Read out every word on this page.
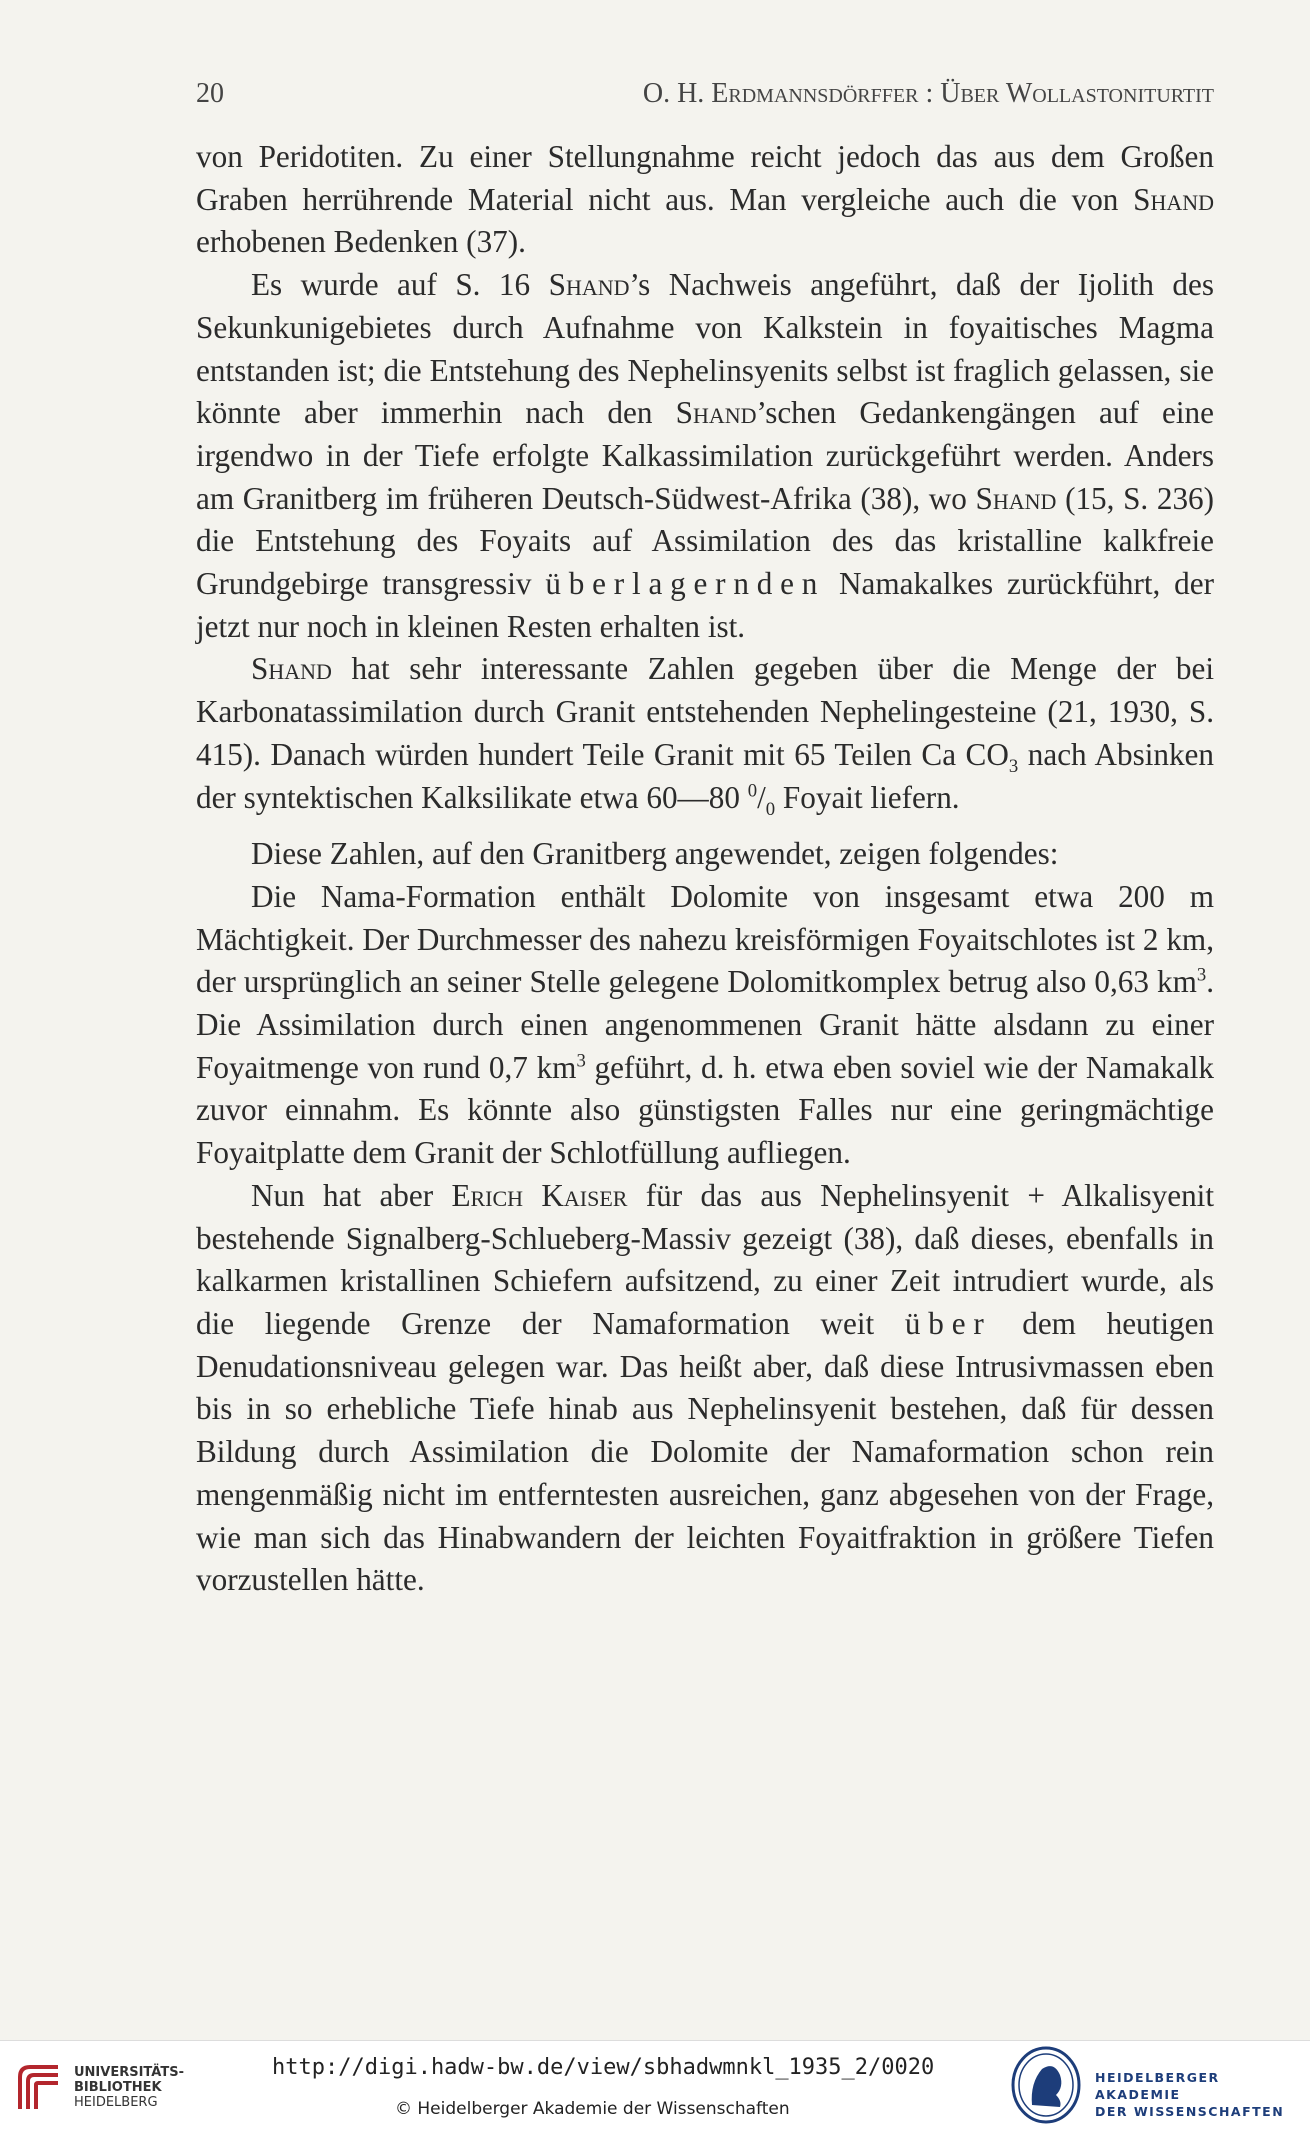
20	O. H. Erdmannsdörffer : Über Wollastoniturtit

von Peridotiten. Zu einer Stellungnahme reicht jedoch das aus dem Großen Graben herrührende Material nicht aus. Man vergleiche auch die von Shand erhobenen Bedenken (37).

Es wurde auf S. 16 Shand’s Nachweis angeführt, daß der Ijolith des Sekunkunigebietes durch Aufnahme von Kalkstein in foyaitisches Magma entstanden ist; die Entstehung des Nephelinsyenits selbst ist fraglich gelassen, sie könnte aber immerhin nach den Shand’schen Gedankengängen auf eine irgendwo in der Tiefe erfolgte Kalkassimilation zurückgeführt werden. Anders am Granitberg im früheren Deutsch-Südwest-Afrika (38), wo Shand (15, S. 236) die Entstehung des Foyaits auf Assimilation des das kristalline kalkfreie Grundgebirge transgressiv überlagernden Namakalkes zurückführt, der jetzt nur noch in kleinen Resten erhalten ist.

Shand hat sehr interessante Zahlen gegeben über die Menge der bei Karbonatassimilation durch Granit entstehenden Nephelingesteine (21, 1930, S. 415). Danach würden hundert Teile Granit mit 65 Teilen Ca $CO_3$ nach Absinken der syntektischen Kalksilikate etwa 60—80 $^0/_0$ Foyait liefern.

Diese Zahlen, auf den Granitberg angewendet, zeigen folgendes:

Die Nama-Formation enthält Dolomite von insgesamt etwa 200 m Mächtigkeit. Der Durchmesser des nahezu kreisförmigen Foyaitschlotes ist 2 km, der ursprünglich an seiner Stelle gelegene Dolomitkomplex betrug also 0,63 $km^3$. Die Assimilation durch einen angenommenen Granit hätte alsdann zu einer Foyaitmenge von rund 0,7 $km^3$ geführt, d. h. etwa eben soviel wie der Namakalk zuvor einnahm. Es könnte also günstigsten Falles nur eine geringmächtige Foyaitplatte dem Granit der Schlotfüllung aufliegen.

Nun hat aber Erich Kaiser für das aus Nephelinsyenit + Alkalisyenit bestehende Signalberg-Schlueberg-Massiv gezeigt (38), daß dieses, ebenfalls in kalkarmen kristallinen Schiefern aufsitzend, zu einer Zeit intrudiert wurde, als die liegende Grenze der Namaformation weit über dem heutigen Denudationsniveau gelegen war. Das heißt aber, daß diese Intrusivmassen eben bis in so erhebliche Tiefe hinab aus Nephelinsyenit bestehen, daß für dessen Bildung durch Assimilation die Dolomite der Namaformation schon rein mengenmäßig nicht im entferntesten ausreichen, ganz abgesehen von der Frage, wie man sich das Hinabwandern der leichten Foyaitfraktion in größere Tiefen vorzustellen hätte.

UNIVERSITÄTS-
BIBLIOTHEK
HEIDELBERG
http://digi.hadw-bw.de/view/sbhadwmnkl_1935_2/0020
© Heidelberger Akademie der Wissenschaften
HEIDELBERGER AKADEMIE
DER WISSENSCHAFTEN
